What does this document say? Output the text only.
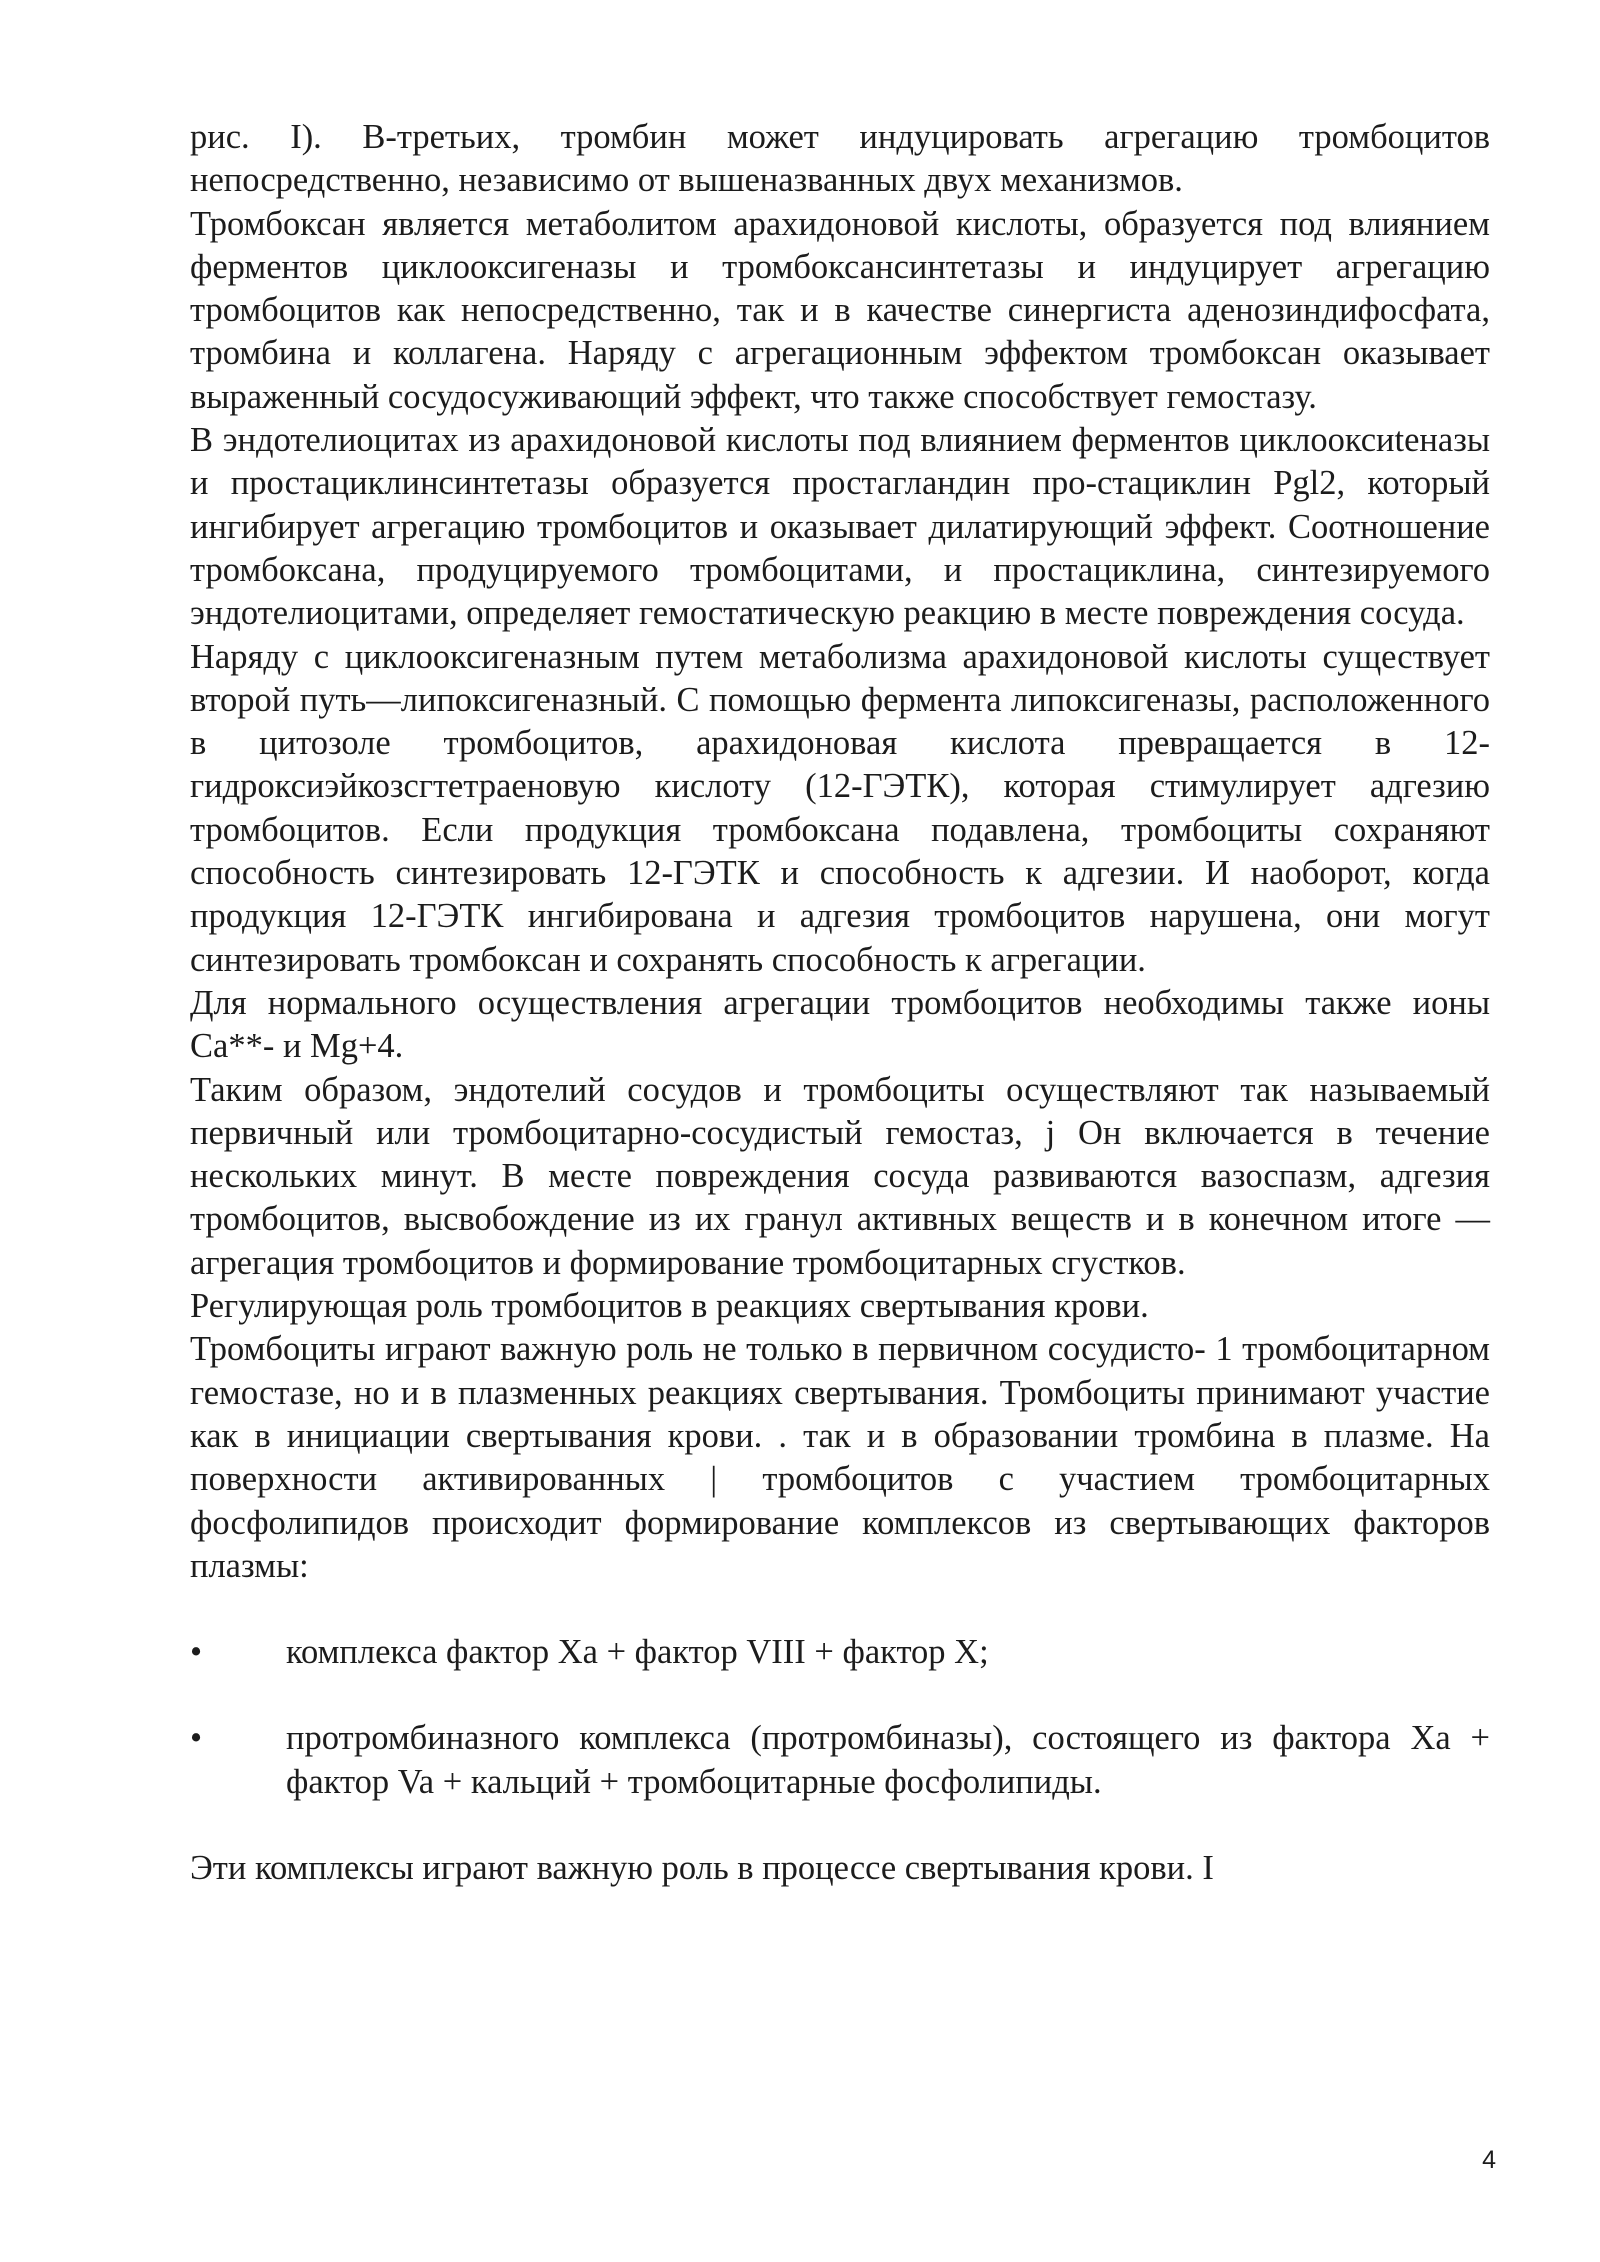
рис. I). В-третьих, тромбин может индуцировать агрегацию тромбоцитов непосредственно, независимо от вышеназванных двух механизмов.

Тромбоксан является метаболитом арахидоновой кислоты, образуется под влиянием ферментов циклооксигеназы и тромбоксансинтетазы и индуцирует агрегацию тромбоцитов как непосредственно, так и в качестве синергиста аденозиндифосфата, тромбина и коллагена. Наряду с агрегационным эффектом тромбоксан оказывает выраженный сосудосуживающий эффект, что также способствует гемостазу.

В эндотелиоцитах из арахидоновой кислоты под влиянием ферментов циклооксиtеназы и простациклинсинтетазы образуется простагландин про-стациклин Pgl2, который ингибирует агрегацию тромбоцитов и оказывает дилатирующий эффект. Соотношение тромбоксана, продуцируемого тромбоцитами, и простациклина, синтезируемого эндотелиоцитами, определяет гемостатическую реакцию в месте повреждения сосуда.

Наряду с циклооксигеназным путем метаболизма арахидоновой кислоты существует второй путь—липоксигеназный. С помощью фермента липоксигеназы, расположенного в цитозоле тромбоцитов, арахидоновая кислота превращается в 12-гидроксиэйкозсгтетраеновую кислоту (12-ГЭТК), которая стимулирует адгезию тромбоцитов. Если продукция тромбоксана подавлена, тромбоциты сохраняют способность синтезировать 12-ГЭТК и способность к адгезии. И наоборот, когда продукция 12-ГЭТК ингибирована и адгезия тромбоцитов нарушена, они могут синтезировать тромбоксан и сохранять способность к агрегации.

Для нормального осуществления агрегации тромбоцитов необходимы также ионы Са**- и Mg+4.

Таким образом, эндотелий сосудов и тромбоциты осуществляют так называемый первичный или тромбоцитарно-сосудистый гемостаз, j Он включается в течение нескольких минут. В месте повреждения сосуда развиваются вазоспазм, адгезия тромбоцитов, высвобождение из их гранул активных веществ и в конечном итоге — агрегация тромбоцитов и формирование тромбоцитарных сгустков.

Регулирующая роль тромбоцитов в реакциях свертывания крови.

Тромбоциты играют важную роль не только в первичном сосудисто- 1 тромбоцитарном гемостазе, но и в плазменных реакциях свертывания. Тромбоциты принимают участие как в инициации свертывания крови. . так и в образовании тромбина в плазме. На поверхности активированных | тромбоцитов с участием тромбоцитарных фосфолипидов происходит формирование комплексов из свертывающих факторов плазмы:

•	комплекса фактор Ха + фактор VIII + фактор X;
•	протромбиназного комплекса (протромбиназы), состоящего из фактора Ха + фактор Va + кальций + тромбоцитарные фосфолипиды.

Эти комплексы играют важную роль в процессе свертывания крови. I

4
